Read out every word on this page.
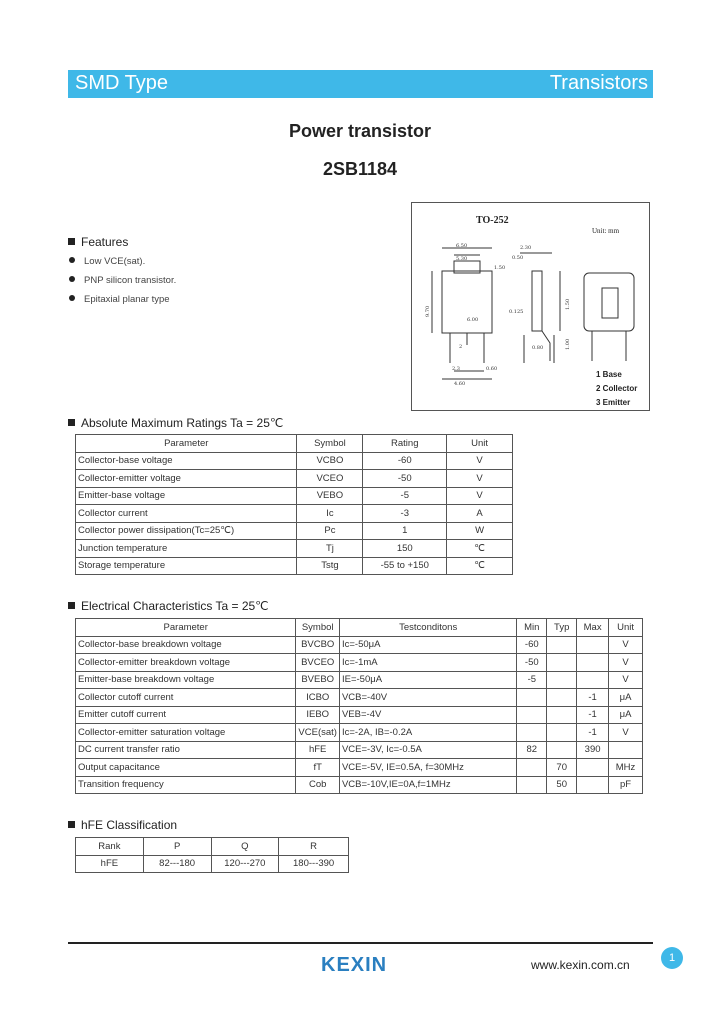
SMD Type	Transistors
Power transistor
2SB1184
Features
Low VCE(sat).
PNP silicon transistor.
Epitaxial planar type
TO-252
Unit: mm
6.50
5.30
2.30
0.50
1.50
0.125
6.00
9.70
2.3	0.60
4.60
1.50
1.00
0.80
2
1 Base
2 Collector
3 Emitter
Absolute Maximum Ratings Ta = 25℃
Parameter	Symbol	Rating	Unit
Collector-base voltage	VCBO	-60	V
Collector-emitter voltage	VCEO	-50	V
Emitter-base voltage	VEBO	-5	V
Collector current	Ic	-3	A
Collector power dissipation(Tc=25℃)	Pc	1	W
Junction temperature	Tj	150	℃
Storage temperature	Tstg	-55 to +150	℃
Electrical Characteristics Ta = 25℃
Parameter	Symbol	Testconditons	Min	Typ	Max	Unit
Collector-base breakdown voltage	BVCBO	Ic=-50μA	-60			V
Collector-emitter breakdown voltage	BVCEO	Ic=-1mA	-50			V
Emitter-base breakdown voltage	BVEBO	IE=-50μA	-5			V
Collector cutoff current	ICBO	VCB=-40V			-1	μA
Emitter cutoff current	IEBO	VEB=-4V			-1	μA
Collector-emitter saturation voltage	VCE(sat)	Ic=-2A, IB=-0.2A			-1	V
DC current transfer ratio	hFE	VCE=-3V, Ic=-0.5A	82		390	
Output capacitance	fT	VCE=-5V, IE=0.5A, f=30MHz		70		MHz
Transition frequency	Cob	VCB=-10V,IE=0A,f=1MHz		50		pF
hFE Classification
Rank	P	Q	R
hFE	82---180	120---270	180---390
KEXIN	www.kexin.com.cn	1
